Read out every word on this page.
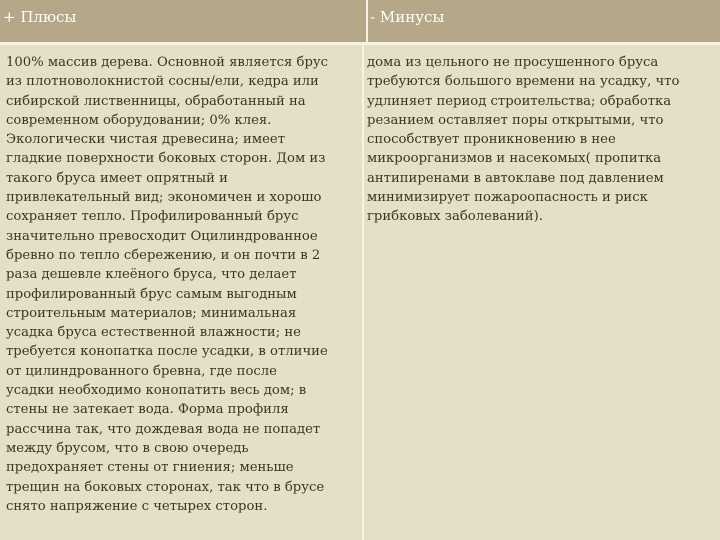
+ Плюсы	- Минусы
100% массив дерева. Основной является брус
из плотноволокнистой сосны/ели, кедра или
сибирской лиственницы, обработанный на
современном оборудовании; 0% клея.
Экологически чистая древесина; имеет
гладкие поверхности боковых сторон. Дом из
такого бруса имеет опрятный и
привлекательный вид; экономичен и хорошо
сохраняет тепло. Профилированный брус
значительно превосходит Оцилиндрованное
бревно по тепло сбережению, и он почти в 2
раза дешевле клеёного бруса, что делает
профилированный брус самым выгодным
строительным материалов; минимальная
усадка бруса естественной влажности; не
требуется конопатка после усадки, в отличие
от цилиндрованного бревна, где после
усадки необходимо конопатить весь дом; в
стены не затекает вода. Форма профиля
рассчина так, что дождевая вода не попадет
между брусом, что в свою очередь
предохраняет стены от гниения; меньше
трещин на боковых сторонах, так что в брусе
снято напряжение с четырех сторон.
дома из цельного не просушенного бруса
требуются большого времени на усадку, что
удлиняет период строительства; обработка
резанием оставляет поры открытыми, что
способствует проникновению в нее
микроорганизмов и насекомых( пропитка
антипиренами в автоклаве под давлением
минимизирует пожароопасность и риск
грибковых заболеваний).
